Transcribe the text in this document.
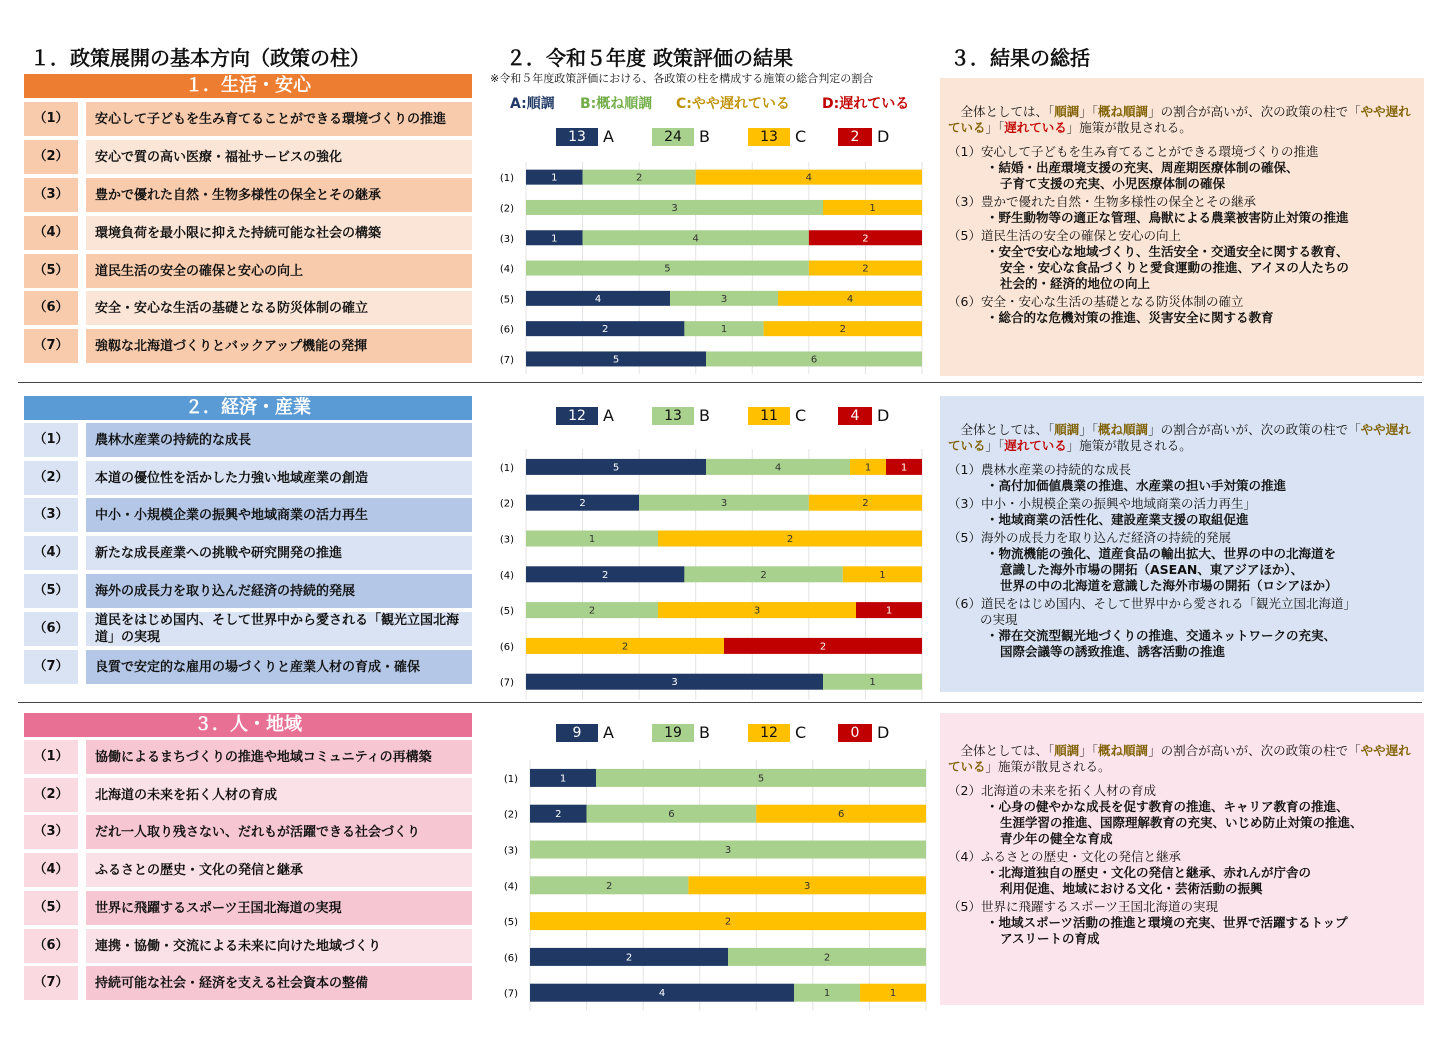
１．政策展開の基本方向（政策の柱）	２．令和５年度 政策評価の結果	３．結果の総括
※令和５年度政策評価における、各政策の柱を構成する施策の総合判定の割合
A:順調 B:概ね順調 C:やや遅れている D:遅れている
１．生活・安心
（1）	安心して子どもを生み育てることができる環境づくりの推進
（2）	安心で質の高い医療・福祉サービスの強化
（3）	豊かで優れた自然・生物多様性の保全とその継承
（4）	環境負荷を最小限に抑えた持続可能な社会の構築
（5）	道民生活の安全の確保と安心の向上
（6）	安全・安心な生活の基礎となる防災体制の確立
（7）	強靱な北海道づくりとバックアップ機能の発揮
13	A	24	B	13	C	2	D
(1)	1	2	4
(2)	3	1
(3)	1	4	2
(4)	5	2
(5)	4	3	4
(6)	2	1	2
(7)	5	6
　全体としては、「順調」「概ね順調」の割合が高いが、次の政策の柱で「やや遅れている」「遅れている」施策が散見される。
（1）安心して子どもを生み育てることができる環境づくりの推進
・結婚・出産環境支援の充実、周産期医療体制の確保、
子育て支援の充実、小児医療体制の確保
（3）豊かで優れた自然・生物多様性の保全とその継承
・野生動物等の適正な管理、鳥獣による農業被害防止対策の推進
（5）道民生活の安全の確保と安心の向上
・安全で安心な地域づくり、生活安全・交通安全に関する教育、
安全・安心な食品づくりと愛食運動の推進、アイヌの人たちの
社会的・経済的地位の向上
（6）安全・安心な生活の基礎となる防災体制の確立
・総合的な危機対策の推進、災害安全に関する教育
２．経済・産業
（1）	農林水産業の持続的な成長
（2）	本道の優位性を活かした力強い地域産業の創造
（3）	中小・小規模企業の振興や地域商業の活力再生
（4）	新たな成長産業への挑戦や研究開発の推進
（5）	海外の成長力を取り込んだ経済の持続的発展
（6）
道民をはじめ国内、そして世界中から愛される「観光立国北海道」の実現
（7）	良質で安定的な雇用の場づくりと産業人材の育成・確保
12	A	13	B	11	C	4	D
(1)	5	4	1	1
(2)	2	3	2
(3)	1	2
(4)	2	2	1
(5)	2	3	1
(6)	2	2
(7)	3	1
　全体としては、「順調」「概ね順調」の割合が高いが、次の政策の柱で「やや遅れている」「遅れている」施策が散見される。
（1）農林水産業の持続的な成長
・高付加価値農業の推進、水産業の担い手対策の推進
（3）中小・小規模企業の振興や地域商業の活力再生」
・地域商業の活性化、建設産業支援の取組促進
（5）海外の成長力を取り込んだ経済の持続的発展
・物流機能の強化、道産食品の輸出拡大、世界の中の北海道を
意識した海外市場の開拓（ASEAN、東アジアほか）、
世界の中の北海道を意識した海外市場の開拓（ロシアほか）
（6）道民をはじめ国内、そして世界中から愛される「観光立国北海道」
の実現
・滞在交流型観光地づくりの推進、交通ネットワークの充実、
国際会議等の誘致推進、誘客活動の推進
３．人・地域
（1）	協働によるまちづくりの推進や地域コミュニティの再構築
（2）	北海道の未来を拓く人材の育成
（3）	だれ一人取り残さない、だれもが活躍できる社会づくり
（4）	ふるさとの歴史・文化の発信と継承
（5）	世界に飛躍するスポーツ王国北海道の実現
（6）	連携・協働・交流による未来に向けた地域づくり
（7）	持続可能な社会・経済を支える社会資本の整備
9	A	19	B	12	C	0	D
(1)	1	5
(2)	2	6	6
(3)	3
(4)	2	3
(5)	2
(6)	2	2
(7)	4	1	1
　全体としては、「順調」「概ね順調」の割合が高いが、次の政策の柱で「やや遅れている」施策が散見される。
（2）北海道の未来を拓く人材の育成
・心身の健やかな成長を促す教育の推進、キャリア教育の推進、
生涯学習の推進、国際理解教育の充実、いじめ防止対策の推進、
青少年の健全な育成
（4）ふるさとの歴史・文化の発信と継承
・北海道独自の歴史・文化の発信と継承、赤れんが庁舎の
利用促進、地域における文化・芸術活動の振興
（5）世界に飛躍するスポーツ王国北海道の実現
・地域スポーツ活動の推進と環境の充実、世界で活躍するトップ
アスリートの育成
